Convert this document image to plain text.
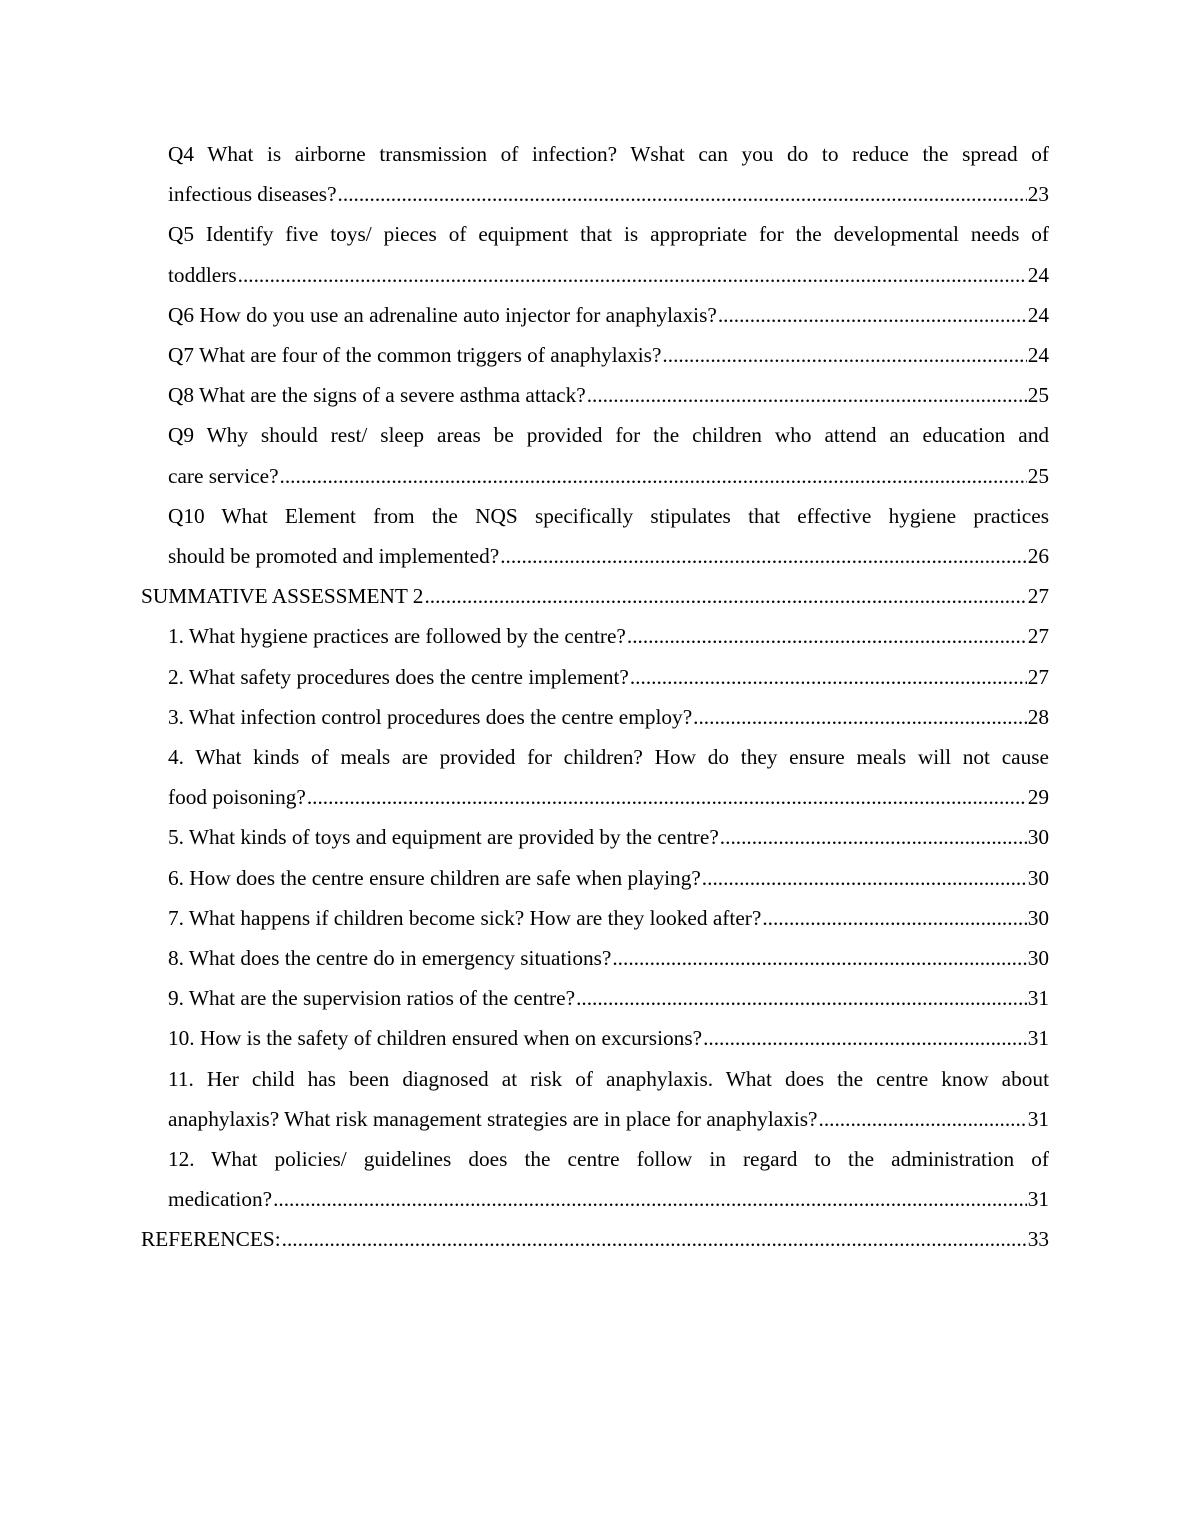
Q4 What is airborne transmission of infection? Wshat can you do to reduce the spread of
infectious diseases? .....	23
Q5 Identify five toys/ pieces of equipment that is appropriate for the developmental needs of
toddlers .....	24
Q6 How do you use an adrenaline auto injector for anaphylaxis? .....	24
Q7 What are four of the common triggers of anaphylaxis? .....	24
Q8 What are the signs of a severe asthma attack? .....	25
Q9 Why should rest/ sleep areas be provided for the children who attend an education and
care service? .....	25
Q10 What Element from the NQS specifically stipulates that effective hygiene practices
should be promoted and implemented? .....	26
SUMMATIVE ASSESSMENT 2 .....	27
1. What hygiene practices are followed by the centre? .....	27
2. What safety procedures does the centre implement? .....	27
3. What infection control procedures does the centre employ? .....	28
4. What kinds of meals are provided for children? How do they ensure meals will not cause
food poisoning? .....	29
5. What kinds of toys and equipment are provided by the centre? .....	30
6. How does the centre ensure children are safe when playing? .....	30
7. What happens if children become sick? How are they looked after? .....	30
8. What does the centre do in emergency situations? .....	30
9. What are the supervision ratios of the centre? .....	31
10. How is the safety of children ensured when on excursions? .....	31
11. Her child has been diagnosed at risk of anaphylaxis. What does the centre know about
anaphylaxis? What risk management strategies are in place for anaphylaxis? .....	31
12. What policies/ guidelines does the centre follow in regard to the administration of
medication? .....	31
REFERENCES: .....	33
